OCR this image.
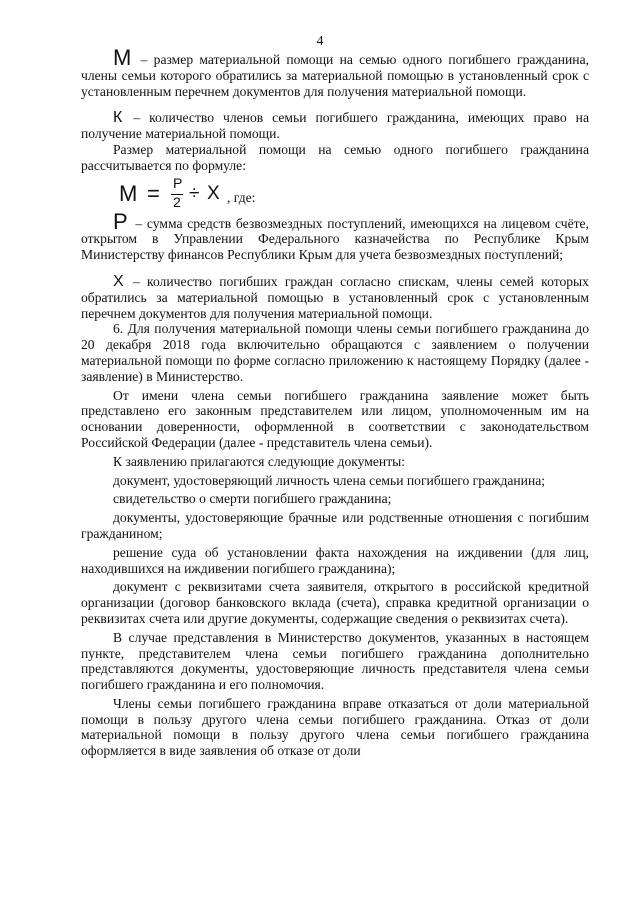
4

М – размер материальной помощи на семью одного погибшего гражданина, члены семьи которого обратились за материальной помощью в установленный срок с установленным перечнем документов для получения материальной помощи.

К – количество членов семьи погибшего гражданина, имеющих право на получение материальной помощи.

Размер материальной помощи на семью одного погибшего гражданина рассчитывается по формуле:

М = Р
2 ÷ Х , где:

Р – сумма средств безвозмездных поступлений, имеющихся на лицевом счёте, открытом в Управлении Федерального казначейства по Республике Крым Министерству финансов Республики Крым для учета безвозмездных поступлений;

Х – количество погибших граждан согласно спискам, члены семей которых обратились за материальной помощью в установленный срок с установленным перечнем документов для получения материальной помощи.

6. Для получения материальной помощи члены семьи погибшего гражданина до 20 декабря 2018 года включительно обращаются с заявлением о получении материальной помощи по форме согласно приложению к настоящему Порядку (далее - заявление) в Министерство.

От имени члена семьи погибшего гражданина заявление может быть представлено его законным представителем или лицом, уполномоченным им на основании доверенности, оформленной в соответствии с законодательством Российской Федерации (далее - представитель члена семьи).

К заявлению прилагаются следующие документы:

документ, удостоверяющий личность члена семьи погибшего гражданина;

свидетельство о смерти погибшего гражданина;

документы, удостоверяющие брачные или родственные отношения с погибшим гражданином;

решение суда об установлении факта нахождения на иждивении (для лиц, находившихся на иждивении погибшего гражданина);

документ с реквизитами счета заявителя, открытого в российской кредитной организации (договор банковского вклада (счета), справка кредитной организации о реквизитах счета или другие документы, содержащие сведения о реквизитах счета).

В случае представления в Министерство документов, указанных в настоящем пункте, представителем члена семьи погибшего гражданина дополнительно представляются документы, удостоверяющие личность представителя члена семьи погибшего гражданина и его полномочия.

Члены семьи погибшего гражданина вправе отказаться от доли материальной помощи в пользу другого члена семьи погибшего гражданина. Отказ от доли материальной помощи в пользу другого члена семьи погибшего гражданина оформляется в виде заявления об отказе от доли
